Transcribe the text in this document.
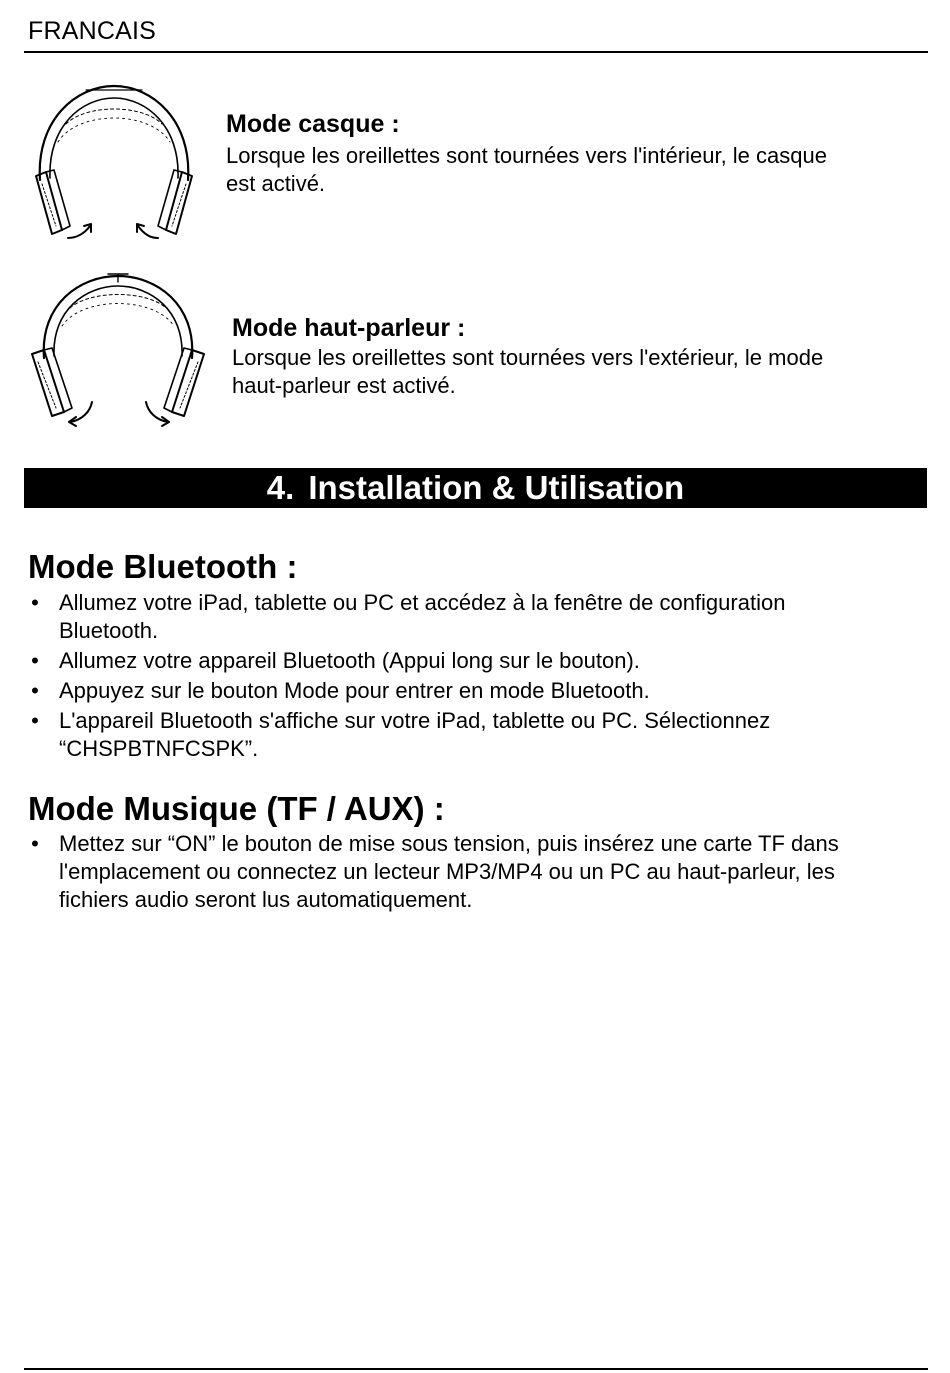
FRANCAIS

Mode casque :

Lorsque les oreillettes sont tournées vers l'intérieur, le casque

est activé.

Mode haut-parleur :

Lorsque les oreillettes sont tournées vers l'extérieur, le mode

haut-parleur est activé.

4. Installation & Utilisation
Mode Bluetooth :
• Allumez votre iPad, tablette ou PC et accédez à la fenêtre de configuration
Bluetooth.
• Allumez votre appareil Bluetooth (Appui long sur le bouton).
• Appuyez sur le bouton Mode pour entrer en mode Bluetooth.
• L'appareil Bluetooth s'affiche sur votre iPad, tablette ou PC. Sélectionnez
“CHSPBTNFCSPK”.
Mode Musique (TF / AUX) :
• Mettez sur “ON” le bouton de mise sous tension, puis insérez une carte TF dans
l'emplacement ou connectez un lecteur MP3/MP4 ou un PC au haut-parleur, les
fichiers audio seront lus automatiquement.
